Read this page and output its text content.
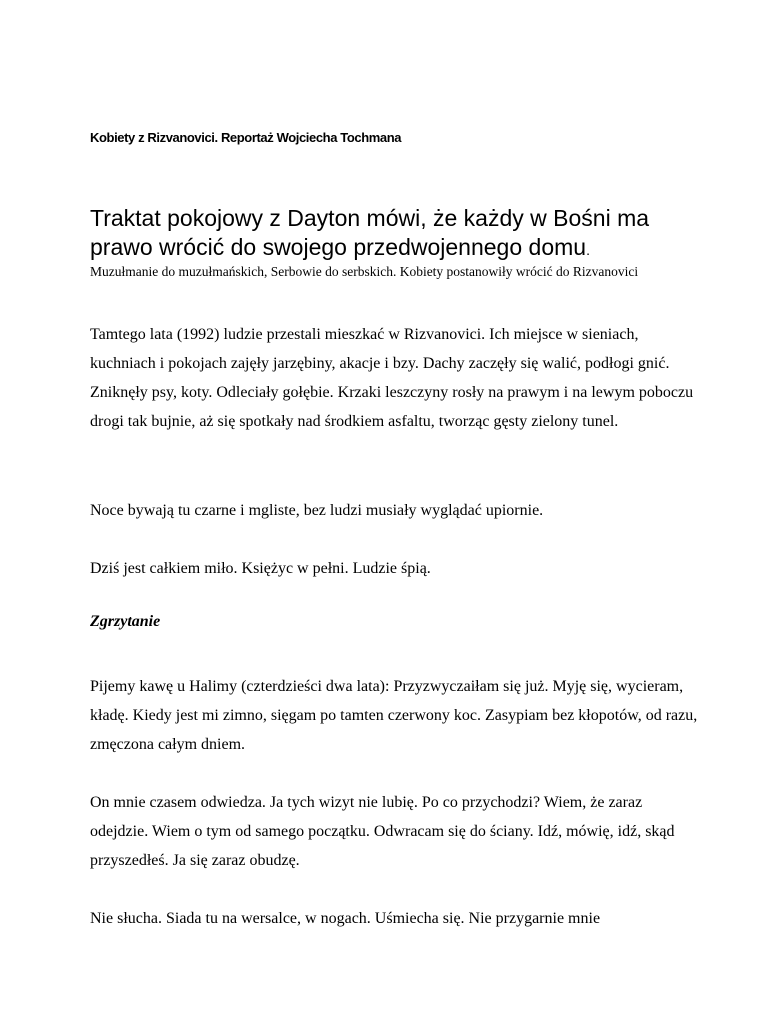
Kobiety z Rizvanovici. Reportaż Wojciecha Tochmana
Traktat pokojowy z Dayton mówi, że każdy w Bośni ma prawo wrócić do swojego przedwojennego domu.
Muzułmanie do muzułmańskich, Serbowie do serbskich. Kobiety postanowiły wrócić do Rizvanovici

Tamtego lata (1992) ludzie przestali mieszkać w Rizvanovici. Ich miejsce w sieniach, kuchniach i pokojach zajęły jarzębiny, akacje i bzy. Dachy zaczęły się walić, podłogi gnić. Zniknęły psy, koty. Odleciały gołębie. Krzaki leszczyny rosły na prawym i na lewym poboczu drogi tak bujnie, aż się spotkały nad środkiem asfaltu, tworząc gęsty zielony tunel.

Noce bywają tu czarne i mgliste, bez ludzi musiały wyglądać upiornie.

Dziś jest całkiem miło. Księżyc w pełni. Ludzie śpią.

Zgrzytanie

Pijemy kawę u Halimy (czterdzieści dwa lata): Przyzwyczaiłam się już. Myję się, wycieram, kładę. Kiedy jest mi zimno, sięgam po tamten czerwony koc. Zasypiam bez kłopotów, od razu, zmęczona całym dniem.

On mnie czasem odwiedza. Ja tych wizyt nie lubię. Po co przychodzi? Wiem, że zaraz odejdzie. Wiem o tym od samego początku. Odwracam się do ściany. Idź, mówię, idź, skąd przyszedłeś. Ja się zaraz obudzę.

Nie słucha. Siada tu na wersalce, w nogach. Uśmiecha się. Nie przygarnie mnie
